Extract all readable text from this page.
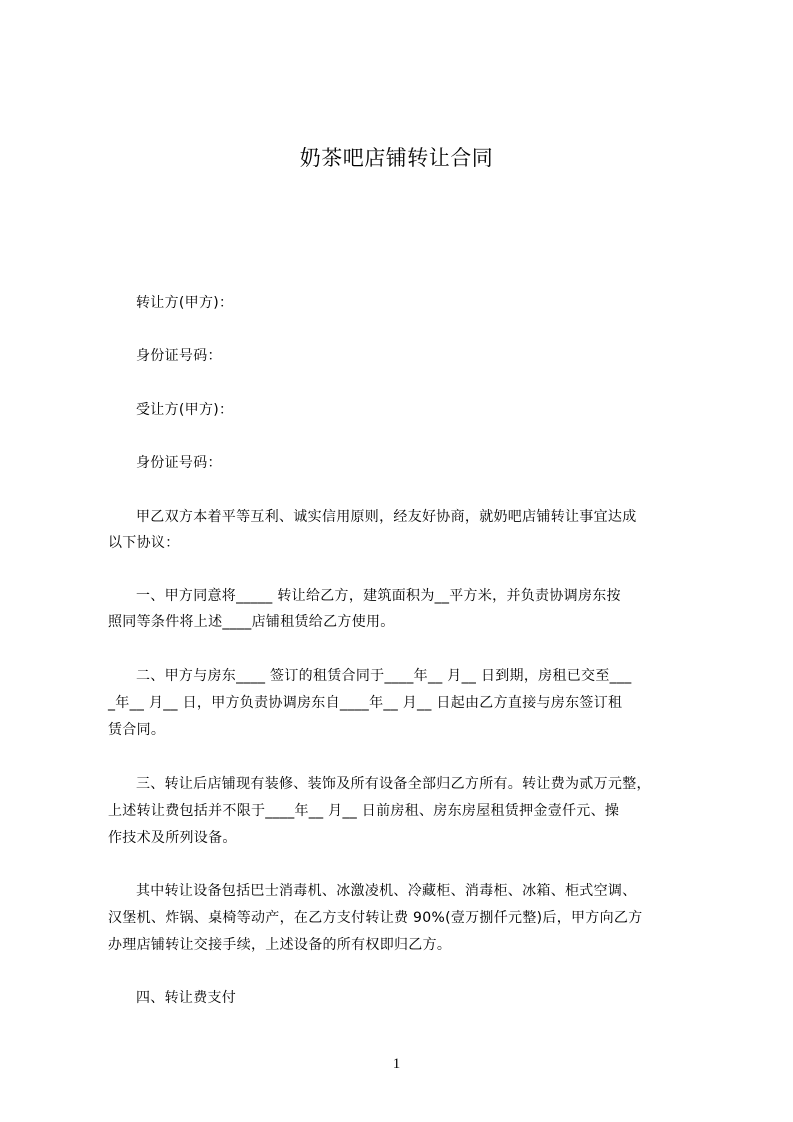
奶茶吧店铺转让合同
转让方(甲方)：
身份证号码：
受让方(甲方)：
身份证号码：
甲乙双方本着平等互利、诚实信用原则，经友好协商，就奶吧店铺转让事宜达成
以下协议：
一、甲方同意将_____ 转让给乙方，建筑面积为__平方米，并负责协调房东按
照同等条件将上述____店铺租赁给乙方使用。
二、甲方与房东____ 签订的租赁合同于____年__ 月__ 日到期，房租已交至___
_年__ 月__ 日，甲方负责协调房东自____年__ 月__ 日起由乙方直接与房东签订租
赁合同。
三、转让后店铺现有装修、装饰及所有设备全部归乙方所有。转让费为贰万元整，
上述转让费包括并不限于____年__ 月__ 日前房租、房东房屋租赁押金壹仟元、操
作技术及所列设备。
其中转让设备包括巴士消毒机、冰激凌机、冷藏柜、消毒柜、冰箱、柜式空调、
汉堡机、炸锅、桌椅等动产，在乙方支付转让费 90%(壹万捌仟元整)后，甲方向乙方
办理店铺转让交接手续，上述设备的所有权即归乙方。
四、转让费支付
1
